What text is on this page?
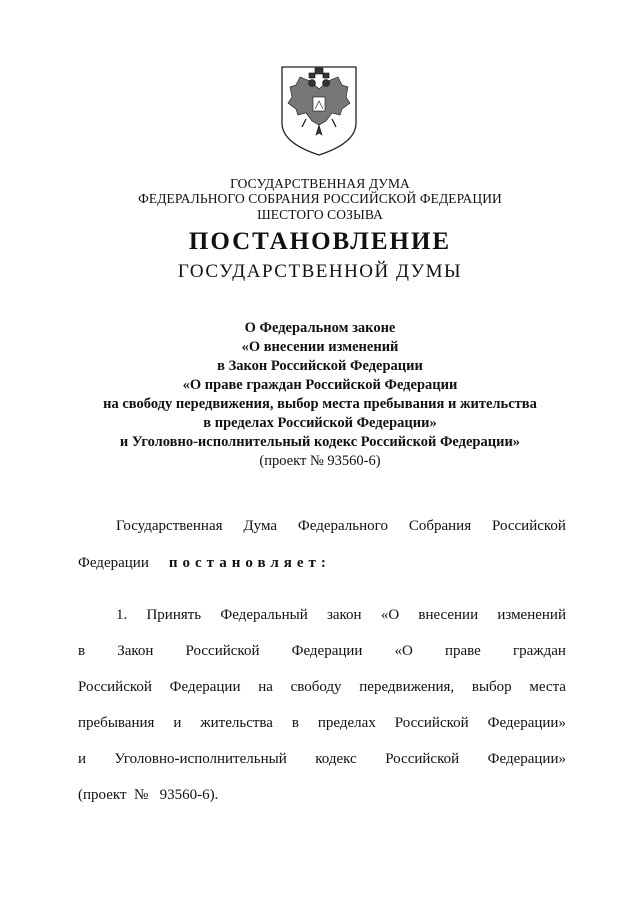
ГОСУДАРСТВЕННАЯ ДУМА
ФЕДЕРАЛЬНОГО СОБРАНИЯ РОССИЙСКОЙ ФЕДЕРАЦИИ
ШЕСТОГО СОЗЫВА
ПОСТАНОВЛЕНИЕ
ГОСУДАРСТВЕННОЙ ДУМЫ
О Федеральном законе
«О внесении изменений
в Закон Российской Федерации
«О праве граждан Российской Федерации
на свободу передвижения, выбор места пребывания и жительства
в пределах Российской Федерации»
и Уголовно-исполнительный кодекс Российской Федерации»
(проект № 93560-6)
Государственная Дума Федерального Собрания Российской
Федерации постановляет:
1. Принять Федеральный закон «О внесении изменений
в Закон Российской Федерации «О праве граждан
Российской Федерации на свободу передвижения, выбор места
пребывания и жительства в пределах Российской Федерации»
и Уголовно-исполнительный кодекс Российской Федерации»
(проект  №   93560-6).
